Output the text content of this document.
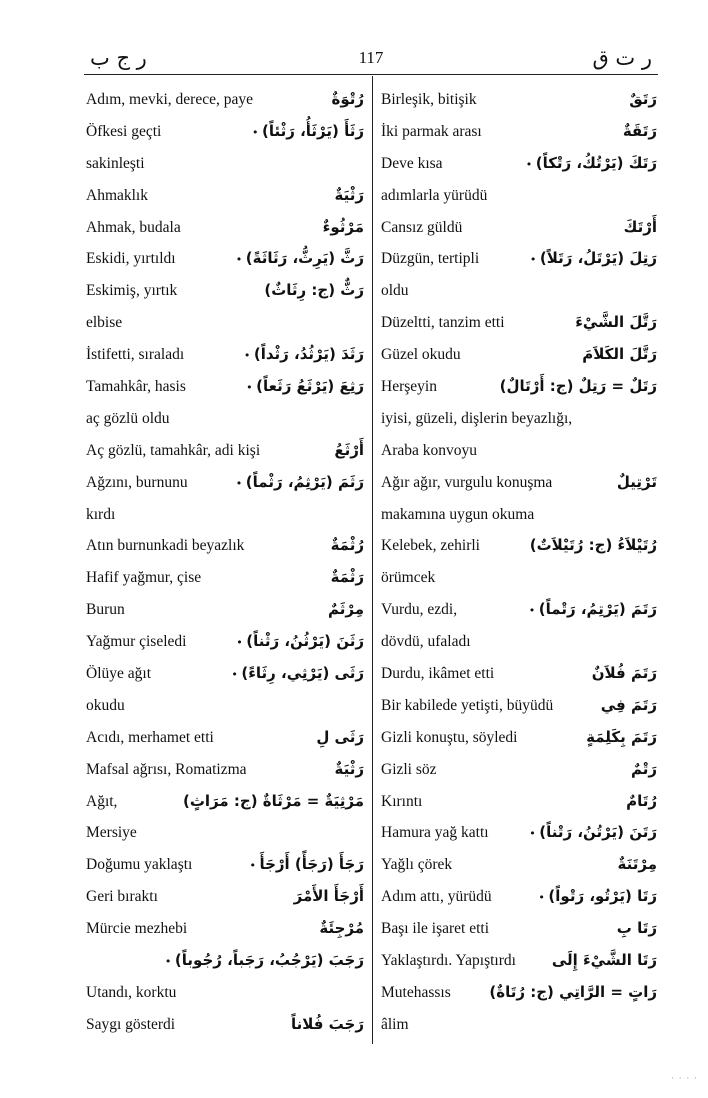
ر ج ب	117	ر ت ق
Adım, mevki, derece, paye	رُتْوَةٌ
Öfkesi geçti	رَثَأَ (يَرْثَأُ، رَثْئاً) •
sakinleşti
Ahmaklık	رَثْيَةٌ
Ahmak, budala	مَرْثُوءٌ
Eskidi, yırtıldı	رَثَّ (يَرِثُّ، رَثَاثَةً) •
Eskimiş, yırtık	رَثٌّ (ج: رِثَاثٌ)
elbise
İstifetti, sıraladı	رَثَدَ (يَرْثُدُ، رَثْداً) •
Tamahkâr, hasis	رَثِعَ (يَرْثَعُ رَثَعاً) •
aç gözlü oldu
Aç gözlü, tamahkâr, adi kişi	أَرْثَعُ
Ağzını, burnunu	رَثَمَ (يَرْثِمُ، رَثْماً) •
kırdı
Atın burnunkadi beyazlık	رُثْمَةٌ
Hafif yağmur, çise	رَثْمَةٌ
Burun	مِرْثَمٌ
Yağmur çiseledi	رَثَنَ (يَرْثُنُ، رَثْناً) •
Ölüye ağıt	رَثَى (يَرْثِي، رِثَاءً) •
okudu
Acıdı, merhamet etti	رَثَى لِ
Mafsal ağrısı, Romatizma	رَثْيَةٌ
Ağıt,	مَرْثِيَةٌ = مَرْثَاةٌ (ج: مَرَاثٍ)
Mersiye
Doğumu yaklaştı	رَجَأَ (رَجَأً) أَرْجَأَ •
Geri bıraktı	أَرْجَأَ الأَمْرَ
Mürcie mezhebi	مُرْجِئَةٌ
رَجَبَ (يَرْجُبُ، رَجَباً، رُجُوباً) •
Utandı, korktu
Saygı gösterdi	رَجَبَ فُلاناً
Birleşik, bitişik	رَتَقٌ
İki parmak arası	رَتَقَةٌ
Deve kısa	رَتَكَ (يَرْتُكُ، رَتْكاً) •
adımlarla yürüdü
Cansız güldü	أَرْتَكَ
Düzgün, tertipli	رَتِلَ (يَرْتَلُ، رَتَلاً) •
oldu
Düzeltti, tanzim etti	رَتَّلَ الشَّيْءَ
Güzel okudu	رَتَّلَ الكَلاَمَ
Herşeyin	رَتَلٌ = رَتِلٌ (ج: أَرْتَالٌ)
iyisi, güzeli, dişlerin beyazlığı,
Araba konvoyu
Ağır ağır, vurgulu konuşma	تَرْتِيلٌ
makamına uygun okuma
Kelebek, zehirli	رُتَيْلاَءُ (ج: رُتَيْلاَتٌ)
örümcek
Vurdu, ezdi,	رَتَمَ (يَرْتِمُ، رَتْماً) •
dövdü, ufaladı
Durdu, ikâmet etti	رَتَمَ فُلاَنٌ
Bir kabilede yetişti, büyüdü	رَتَمَ فِي
Gizli konuştu, söyledi	رَتَمَ بِكَلِمَةٍ
Gizli söz	رَتْمٌ
Kırıntı	رُتَامٌ
Hamura yağ kattı	رَتَنَ (يَرْتُنُ، رَتْناً) •
Yağlı çörek	مِرْتَنَةٌ
Adım attı, yürüdü	رَتَا (يَرْتُو، رَتْواً) •
Başı ile işaret etti	رَتَا بِ
Yaklaştırdı. Yapıştırdı رَتَا الشَّيْءَ إِلَى
Mutehassıs	رَاتٍ = الرَّاتِي (ج: رُتَاةٌ)
âlim
· · · ·
